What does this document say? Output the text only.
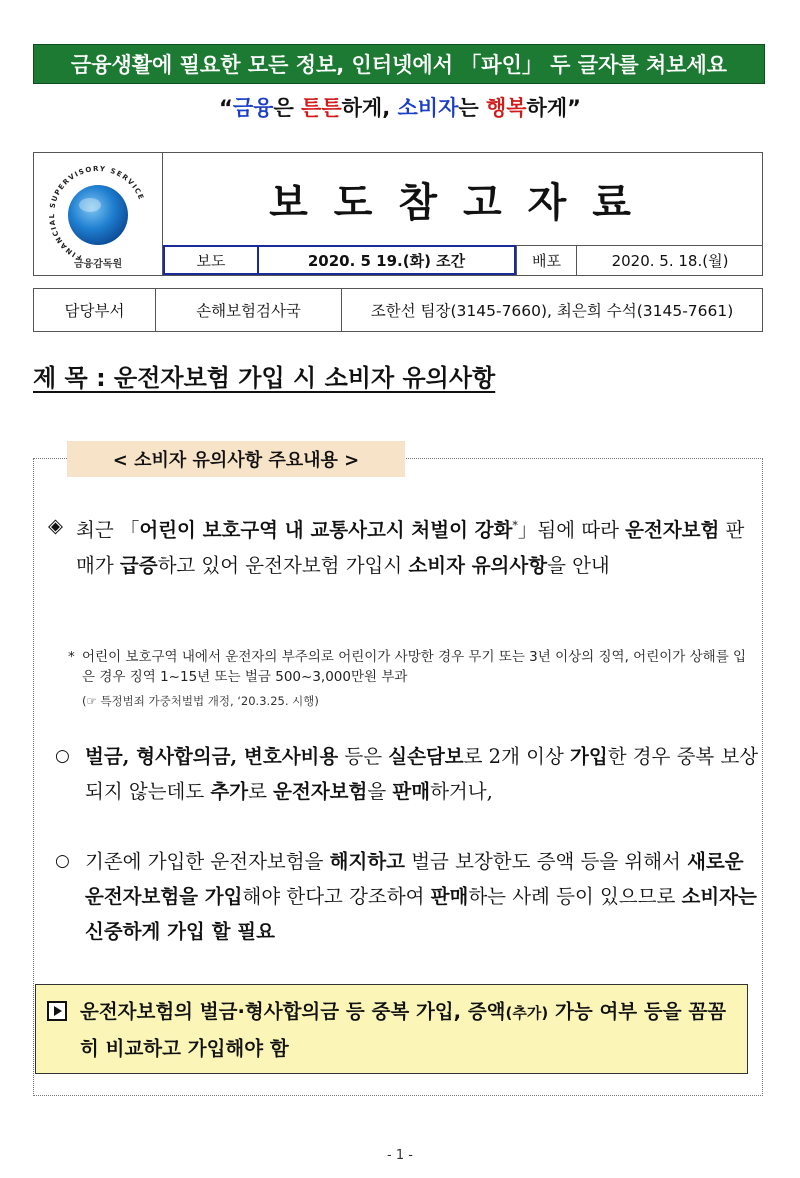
금융생활에 필요한 모든 정보, 인터넷에서 「파인」 두 글자를 쳐보세요
“금융은 튼튼하게, 소비자는 행복하게”
FINANCIAL SUPERVISORY SERVICE
금융감독원
보도참고자료
보도	2020. 5 19.(화) 조간	배포	2020. 5. 18.(월)
담당부서	손해보험검사국	조한선 팀장(3145-7660), 최은희 수석(3145-7661)
제 목 : 운전자보험 가입 시 소비자 유의사항
< 소비자 유의사항 주요내용 >
◈ 최근 「어린이 보호구역 내 교통사고시 처벌이 강화*」됨에 따라 운전자보험 판매가 급증하고 있어 운전자보험 가입시 소비자 유의사항을 안내
* 어린이 보호구역 내에서 운전자의 부주의로 어린이가 사망한 경우 무기 또는 3년 이상의 징역, 어린이가 상해를 입은 경우 징역 1~15년 또는 벌금 500~3,000만원 부과
(☞ 특정범죄 가중처벌법 개정, ‘20.3.25. 시행)
○ 벌금, 형사합의금, 변호사비용 등은 실손담보로 2개 이상 가입한 경우 중복 보상되지 않는데도 추가로 운전자보험을 판매하거나,
○ 기존에 가입한 운전자보험을 해지하고 벌금 보장한도 증액 등을 위해서 새로운 운전자보험을 가입해야 한다고 강조하여 판매하는 사례 등이 있으므로 소비자는 신중하게 가입 할 필요
운전자보험의 벌금·형사합의금 등 중복 가입, 증액(추가) 가능 여부 등을 꼼꼼히 비교하고 가입해야 함
- 1 -
